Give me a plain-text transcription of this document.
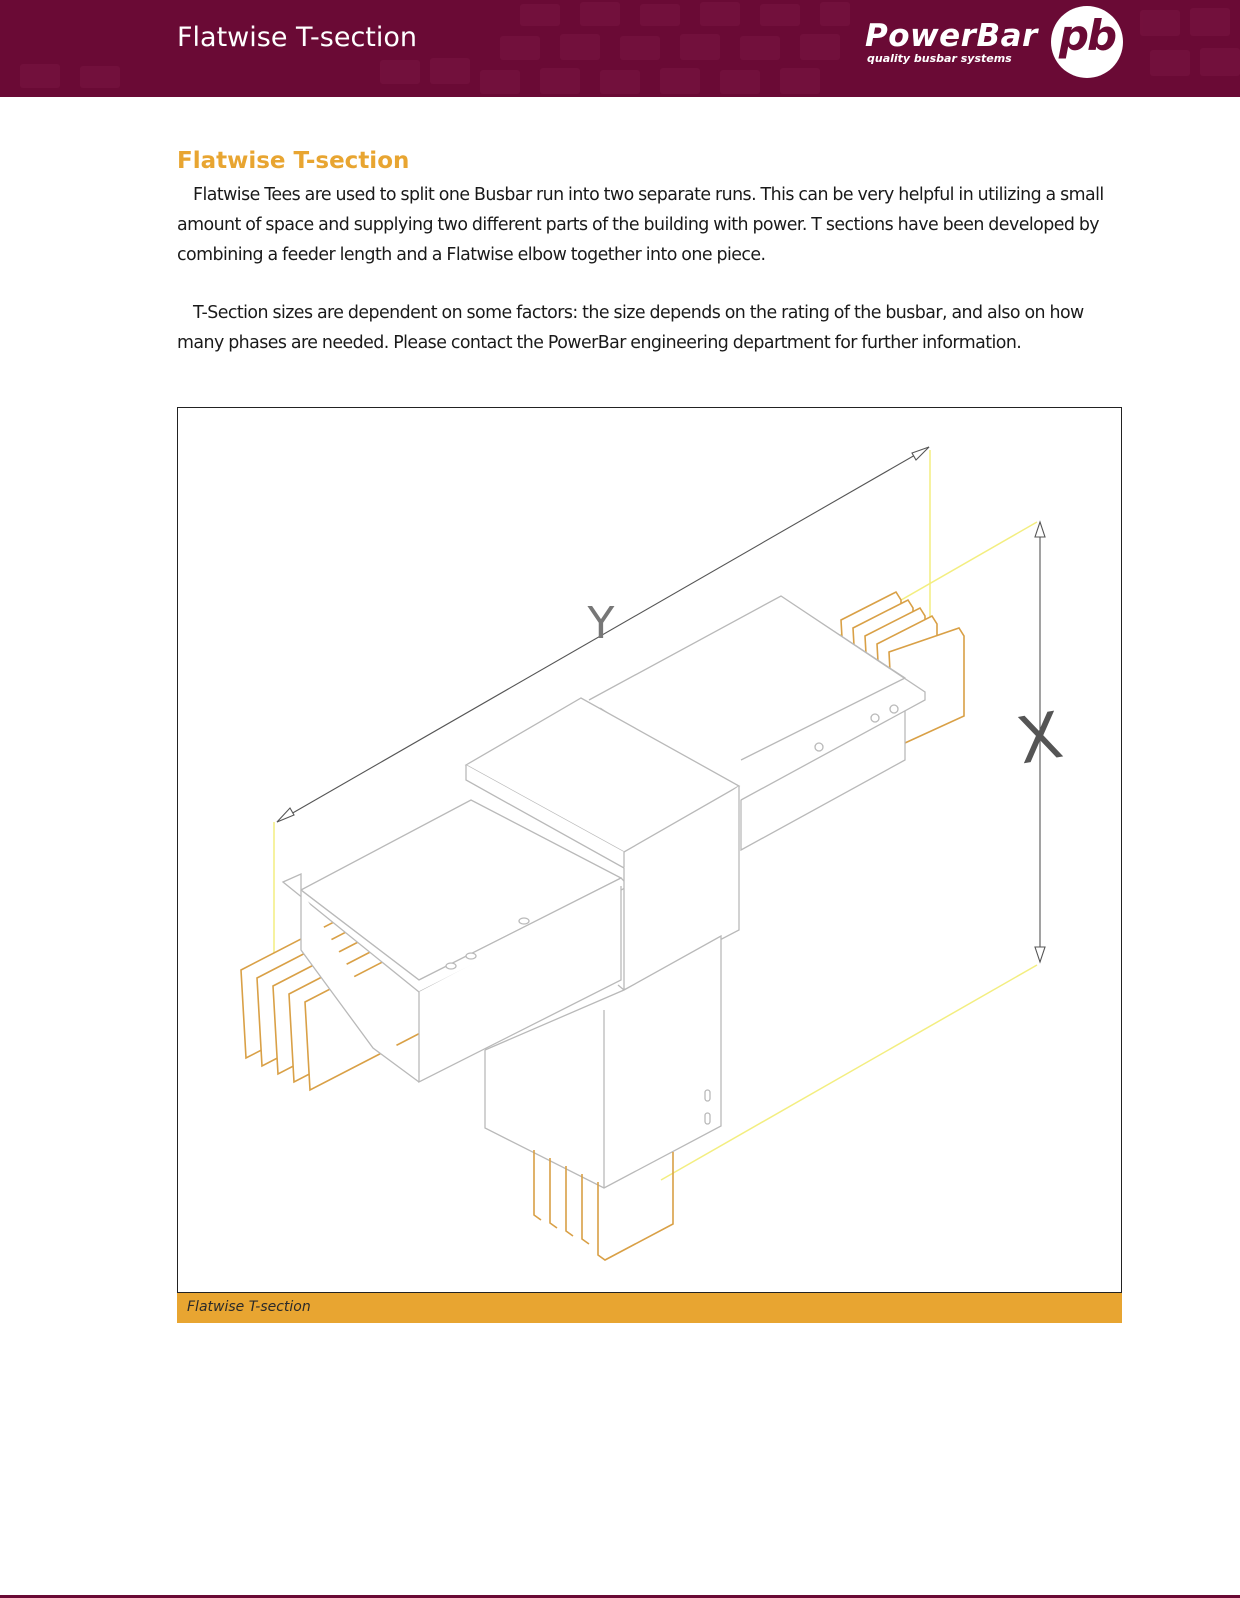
Flatwise T-section	PowerBar
quality busbar systems pb
Flatwise T-section

Flatwise Tees are used to split one Busbar run into two separate runs. This can be very helpful in utilizing a small amount of space and supplying two different parts of the building with power. T sections have been developed by combining a feeder length and a Flatwise elbow together into one piece.

T-Section sizes are dependent on some factors: the size depends on the rating of the busbar, and also on how many phases are needed. Please contact the PowerBar engineering department for further information.

Y
X
Flatwise T-section
